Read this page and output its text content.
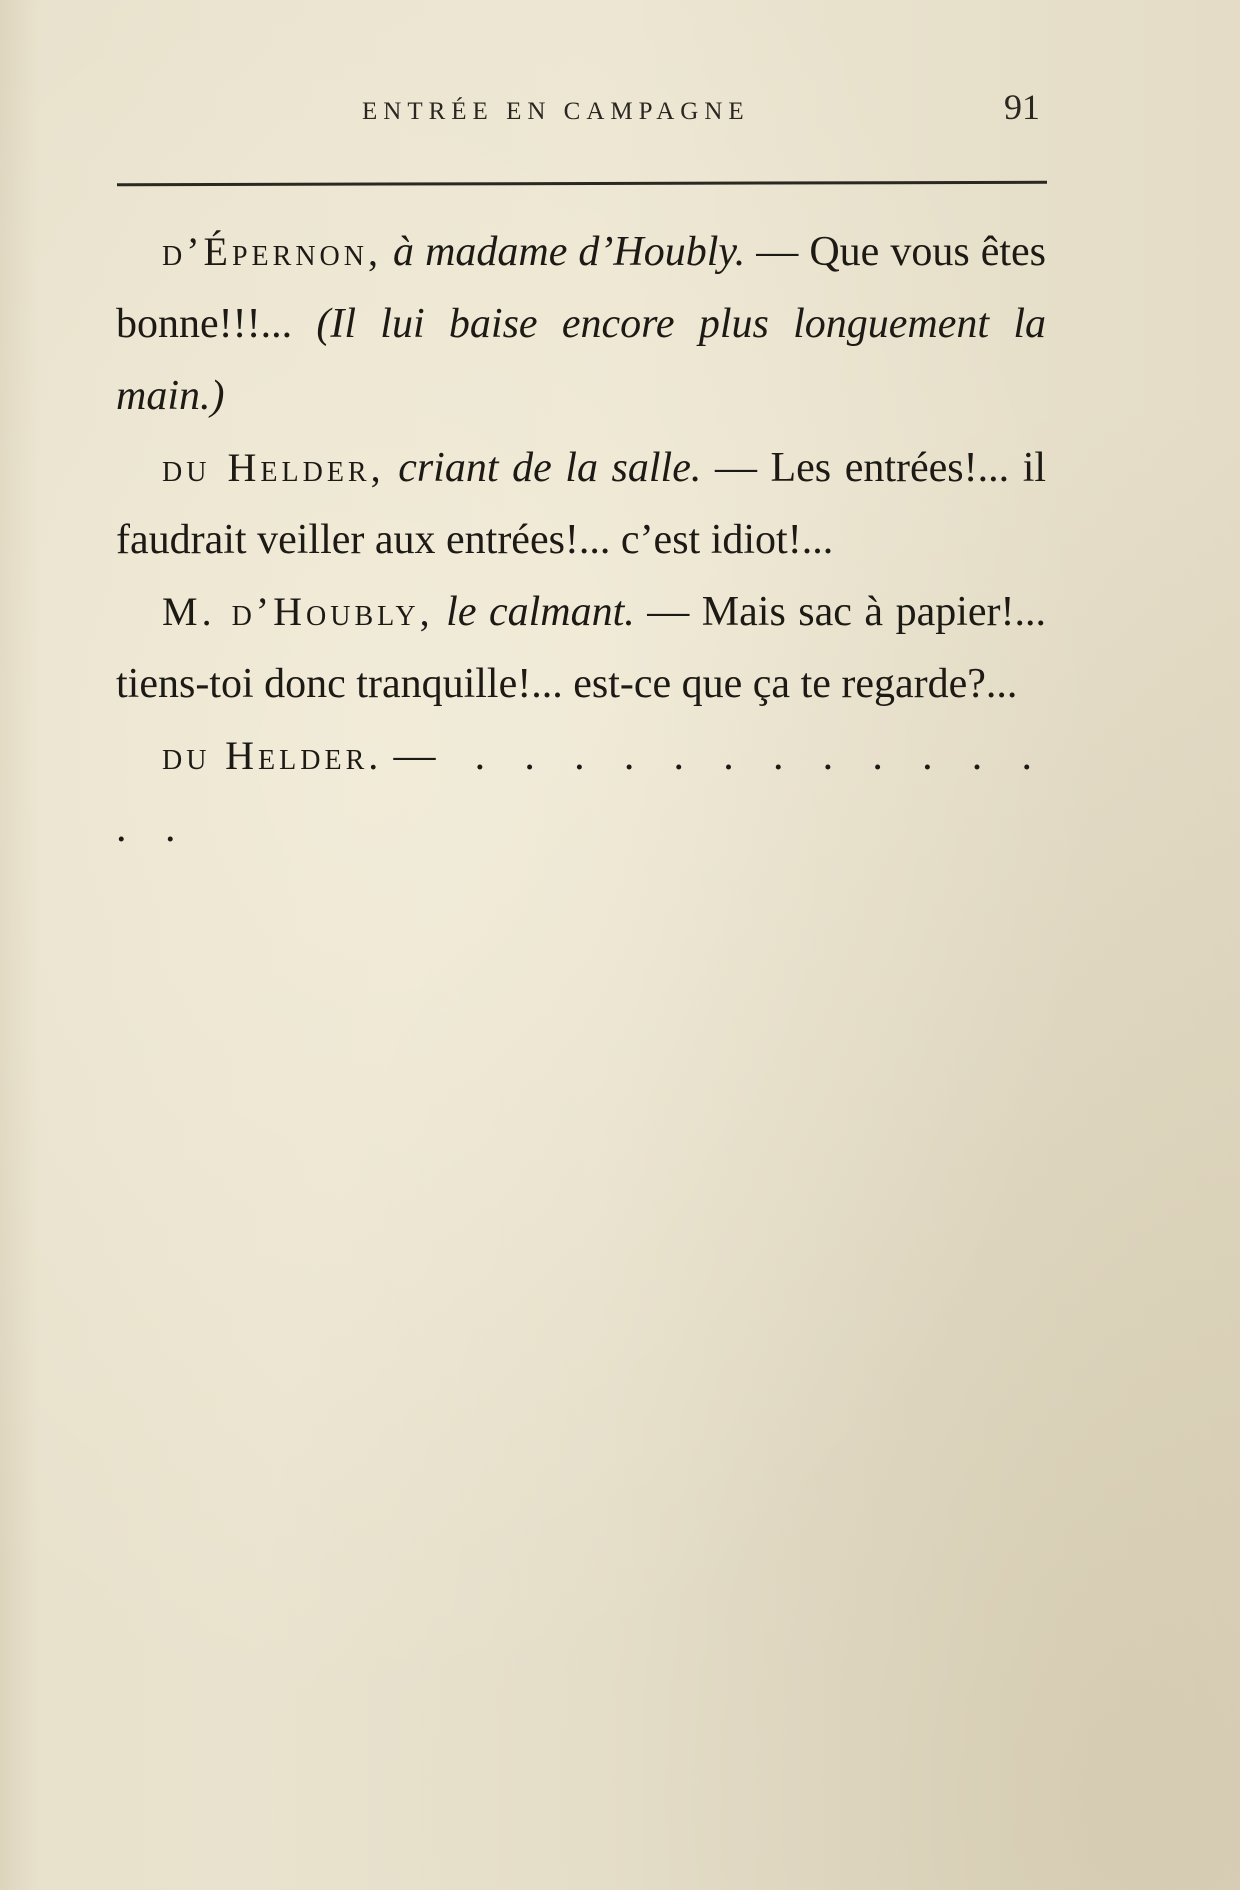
ENTRÉE EN CAMPAGNE	91

d’Épernon, à madame d’Houbly. — Que vous êtes bonne!!!... (Il lui baise encore plus longuement la main.)

du Helder, criant de la salle. — Les entrées!... il faudrait veiller aux entrées!... c’est idiot!...

M. d’Houbly, le calmant. — Mais sac à papier!... tiens-toi donc tranquille!... est-ce que ça te regarde?...

du Helder. — . . . . . . . . . . . . . .
